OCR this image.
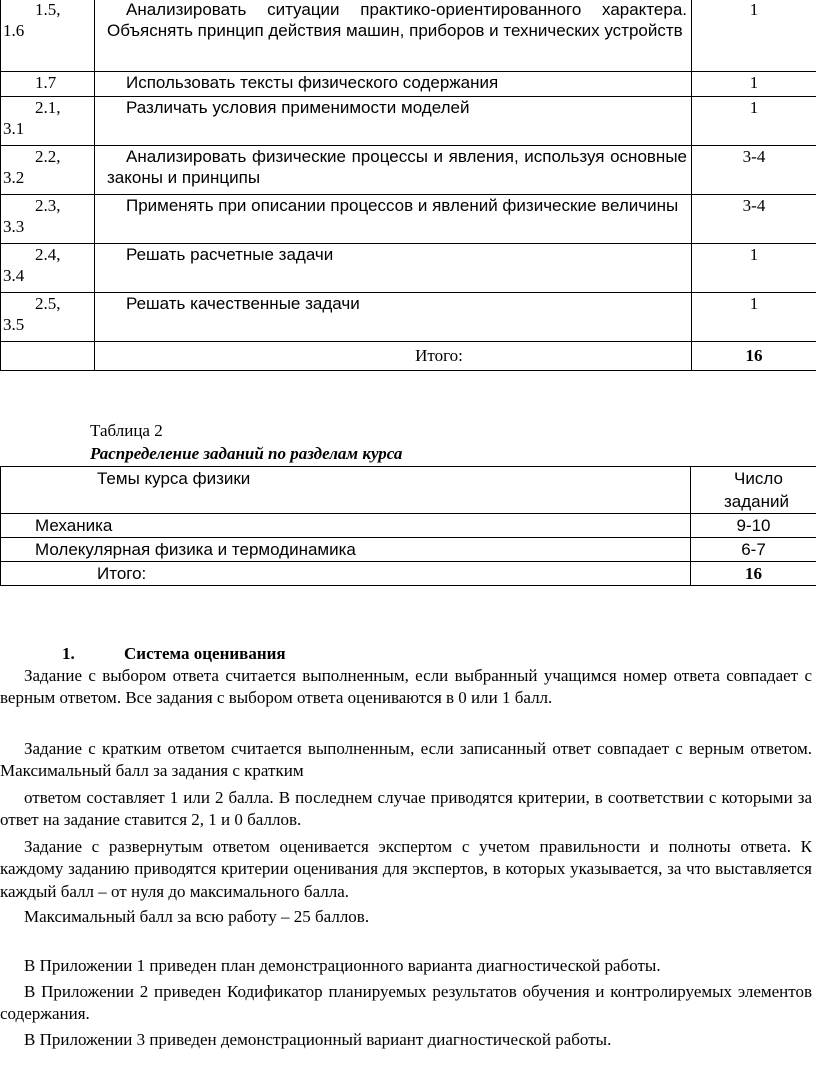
1.5,
1.6	Анализировать ситуации практико-ориентированного характера. Объяснять принцип действия машин, приборов и технических устройств	1

1.7	Использовать тексты физического содержания	1

2.1,
3.1	Различать условия применимости моделей	1

2.2,
3.2	Анализировать физические процессы и явления, используя основные законы и принципы	3-4

2.3,
3.3	Применять при описании процессов и явлений физические величины	3-4

2.4,
3.4	Решать расчетные задачи	1

2.5,
3.5	Решать качественные задачи	1
	Итого:	16
Таблица 2
Распределение заданий по разделам курса
Темы курса физики	Число
заданий

Механика	9-10
Молекулярная физика и термодинамика	6-7
Итого:	16
1.	Система оценивания
Задание с выбором ответа считается выполненным, если выбранный учащимся номер ответа совпадает с верным ответом. Все задания с выбором ответа оцениваются в 0 или 1 балл.
Задание с кратким ответом считается выполненным, если записанный ответ совпадает с верным ответом. Максимальный балл за задания с кратким
ответом составляет 1 или 2 балла. В последнем случае приводятся критерии, в соответствии с которыми за ответ на задание ставится 2, 1 и 0 баллов.
Задание с развернутым ответом оценивается экспертом с учетом правильности и полноты ответа. К каждому заданию приводятся критерии оценивания для экспертов, в которых указывается, за что выставляется каждый балл – от нуля до максимального балла.
Максимальный балл за всю работу – 25 баллов.
В Приложении 1 приведен план демонстрационного варианта диагностической работы.
В Приложении 2 приведен Кодификатор планируемых результатов обучения и контролируемых элементов содержания.
В Приложении 3 приведен демонстрационный вариант диагностической работы.
